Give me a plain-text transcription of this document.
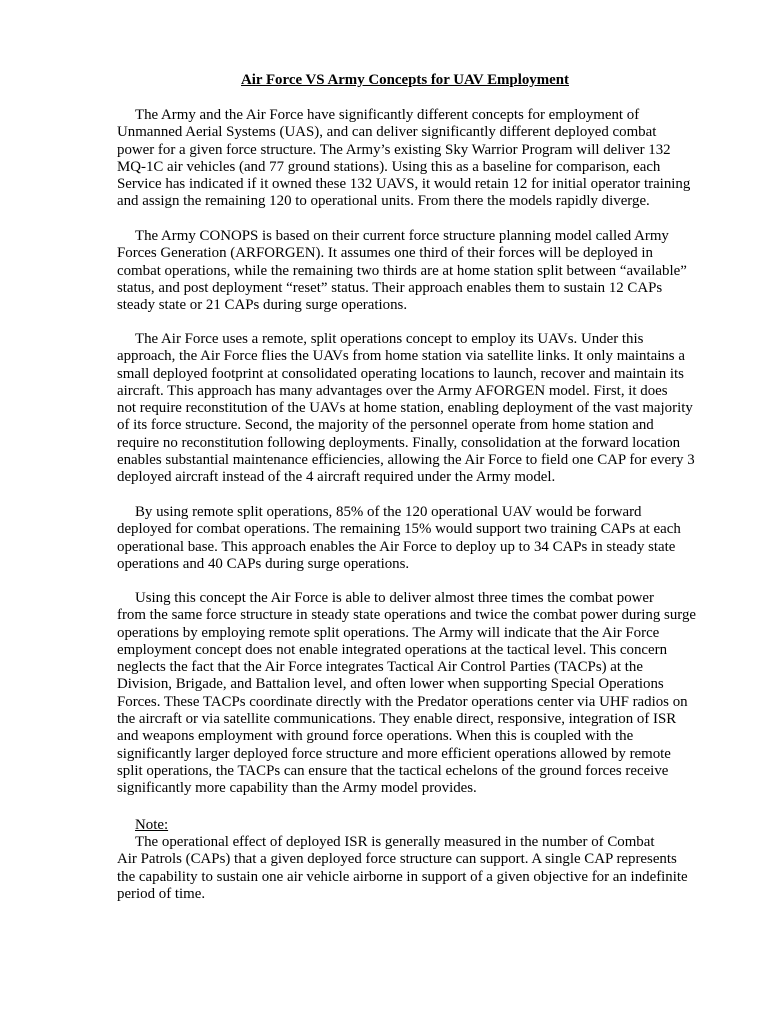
Air Force VS Army Concepts for UAV Employment
The Army and the Air Force have significantly different concepts for employment of
Unmanned Aerial Systems (UAS), and can deliver significantly different deployed combat
power for a given force structure. The Army’s existing Sky Warrior Program will deliver 132
MQ-1C air vehicles (and 77 ground stations). Using this as a baseline for comparison, each
Service has indicated if it owned these 132 UAVS, it would retain 12 for initial operator training
and assign the remaining 120 to operational units. From there the models rapidly diverge.
The Army CONOPS is based on their current force structure planning model called Army
Forces Generation (ARFORGEN). It assumes one third of their forces will be deployed in
combat operations, while the remaining two thirds are at home station split between “available”
status, and post deployment “reset” status. Their approach enables them to sustain 12 CAPs
steady state or 21 CAPs during surge operations.
The Air Force uses a remote, split operations concept to employ its UAVs. Under this
approach, the Air Force flies the UAVs from home station via satellite links. It only maintains a
small deployed footprint at consolidated operating locations to launch, recover and maintain its
aircraft. This approach has many advantages over the Army AFORGEN model. First, it does
not require reconstitution of the UAVs at home station, enabling deployment of the vast majority
of its force structure. Second, the majority of the personnel operate from home station and
require no reconstitution following deployments. Finally, consolidation at the forward location
enables substantial maintenance efficiencies, allowing the Air Force to field one CAP for every 3
deployed aircraft instead of the 4 aircraft required under the Army model.
By using remote split operations, 85% of the 120 operational UAV would be forward
deployed for combat operations. The remaining 15% would support two training CAPs at each
operational base. This approach enables the Air Force to deploy up to 34 CAPs in steady state
operations and 40 CAPs during surge operations.
Using this concept the Air Force is able to deliver almost three times the combat power
from the same force structure in steady state operations and twice the combat power during surge
operations by employing remote split operations. The Army will indicate that the Air Force
employment concept does not enable integrated operations at the tactical level. This concern
neglects the fact that the Air Force integrates Tactical Air Control Parties (TACPs) at the
Division, Brigade, and Battalion level, and often lower when supporting Special Operations
Forces. These TACPs coordinate directly with the Predator operations center via UHF radios on
the aircraft or via satellite communications. They enable direct, responsive, integration of ISR
and weapons employment with ground force operations. When this is coupled with the
significantly larger deployed force structure and more efficient operations allowed by remote
split operations, the TACPs can ensure that the tactical echelons of the ground forces receive
significantly more capability than the Army model provides.

Note:

The operational effect of deployed ISR is generally measured in the number of Combat
Air Patrols (CAPs) that a given deployed force structure can support. A single CAP represents
the capability to sustain one air vehicle airborne in support of a given objective for an indefinite
period of time.
